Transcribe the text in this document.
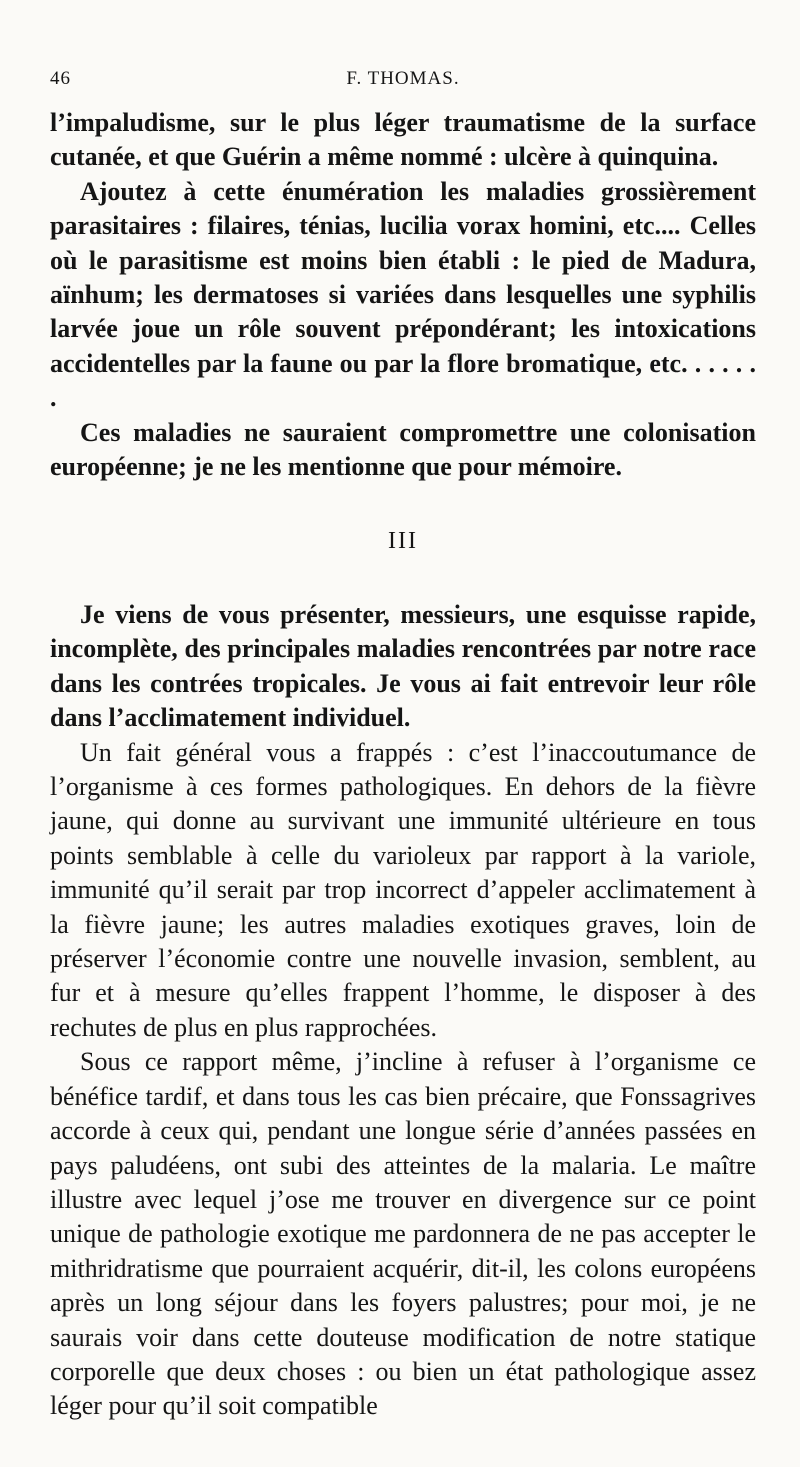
46	F. THOMAS.

l’impaludisme, sur le plus léger traumatisme de la surface cutanée, et que Guérin a même nommé : ulcère à quinquina.

Ajoutez à cette énumération les maladies grossièrement parasitaires : filaires, ténias, lucilia vorax homini, etc.... Celles où le parasitisme est moins bien établi : le pied de Madura, aïnhum; les dermatoses si variées dans lesquelles une syphilis larvée joue un rôle souvent prépondérant; les intoxications accidentelles par la faune ou par la flore bromatique, etc. . . . . . .

Ces maladies ne sauraient compromettre une colonisation européenne; je ne les mentionne que pour mémoire.

III

Je viens de vous présenter, messieurs, une esquisse rapide, incomplète, des principales maladies rencontrées par notre race dans les contrées tropicales. Je vous ai fait entrevoir leur rôle dans l’acclimatement individuel.

Un fait général vous a frappés : c’est l’inaccoutumance de l’organisme à ces formes pathologiques. En dehors de la fièvre jaune, qui donne au survivant une immunité ultérieure en tous points semblable à celle du varioleux par rapport à la variole, immunité qu’il serait par trop incorrect d’appeler acclimatement à la fièvre jaune; les autres maladies exotiques graves, loin de préserver l’économie contre une nouvelle invasion, semblent, au fur et à mesure qu’elles frappent l’homme, le disposer à des rechutes de plus en plus rapprochées.

Sous ce rapport même, j’incline à refuser à l’organisme ce bénéfice tardif, et dans tous les cas bien précaire, que Fonssagrives accorde à ceux qui, pendant une longue série d’années passées en pays paludéens, ont subi des atteintes de la malaria. Le maître illustre avec lequel j’ose me trouver en divergence sur ce point unique de pathologie exotique me pardonnera de ne pas accepter le mithridratisme que pourraient acquérir, dit-il, les colons européens après un long séjour dans les foyers palustres; pour moi, je ne saurais voir dans cette douteuse modification de notre statique corporelle que deux choses : ou bien un état pathologique assez léger pour qu’il soit compatible
